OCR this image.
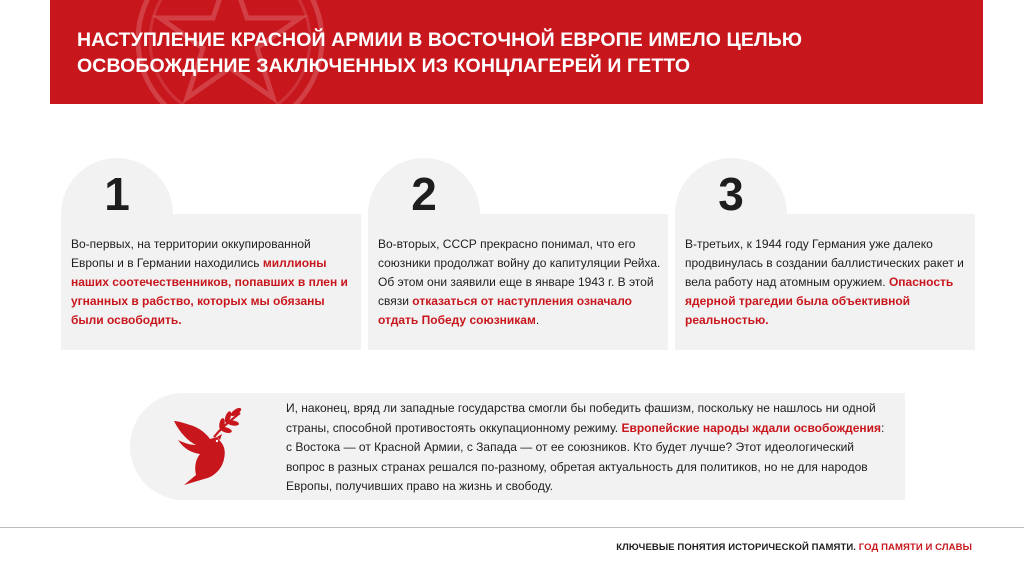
НАСТУПЛЕНИЕ КРАСНОЙ АРМИИ В ВОСТОЧНОЙ ЕВРОПЕ ИМЕЛО ЦЕЛЬЮ
ОСВОБОЖДЕНИЕ ЗАКЛЮЧЕННЫХ ИЗ КОНЦЛАГЕРЕЙ И ГЕТТО
1
Во-первых, на территории оккупированной Европы и в Германии находились миллионы наших соотечественников, попавших в плен и угнанных в рабство, которых мы обязаны были освободить.
2
Во-вторых, СССР прекрасно понимал, что его союзники продолжат войну до капитуляции Рейха. Об этом они заявили еще в январе 1943 г. В этой связи отказаться от наступления означало отдать Победу союзникам.
3
В-третьих, к 1944 году Германия уже далеко продвинулась в создании баллистических ракет и вела работу над атомным оружием. Опасность ядерной трагедии была объективной реальностью.
И, наконец, вряд ли западные государства смогли бы победить фашизм, поскольку не нашлось ни одной страны, способной противостоять оккупационному режиму. Европейские народы ждали освобождения: с Востока — от Красной Армии, с Запада — от ее союзников. Кто будет лучше? Этот идеологический вопрос в разных странах решался по-разному, обретая актуальность для политиков, но не для народов Европы, получивших право на жизнь и свободу.
КЛЮЧЕВЫЕ ПОНЯТИЯ ИСТОРИЧЕСКОЙ ПАМЯТИ. ГОД ПАМЯТИ И СЛАВЫ
